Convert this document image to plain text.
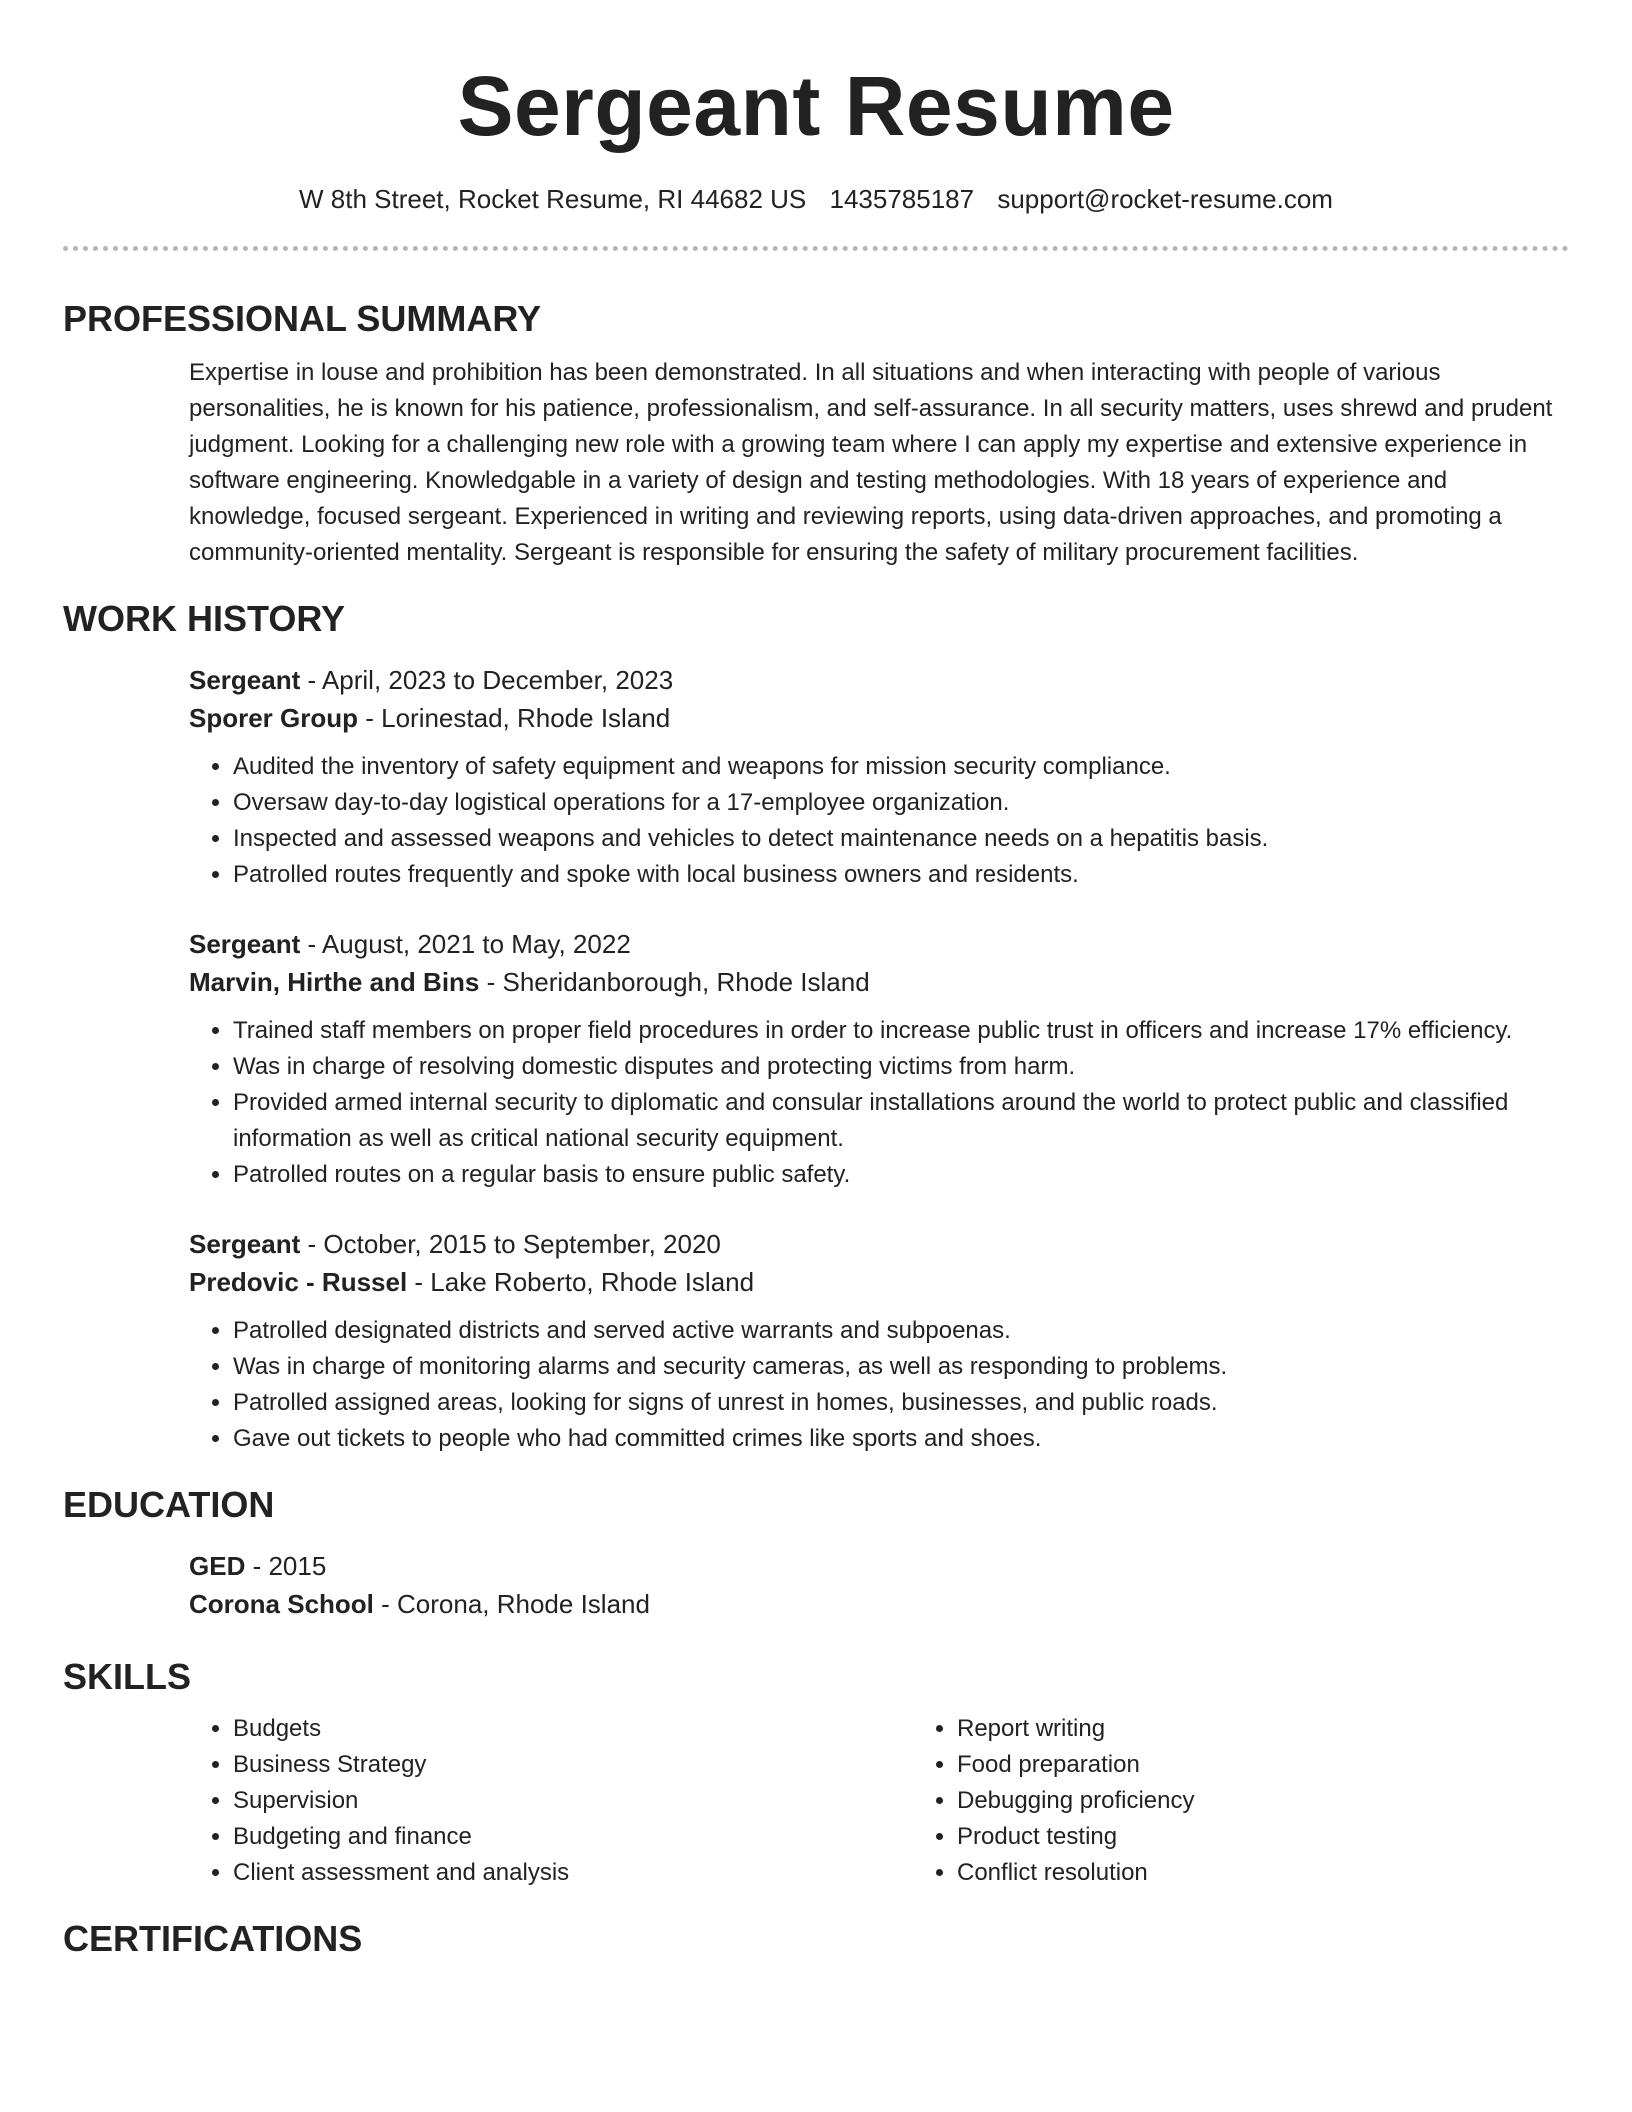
Sergeant Resume
W 8th Street, Rocket Resume, RI 44682 US 1435785187 support@rocket-resume.com
PROFESSIONAL SUMMARY

Expertise in louse and prohibition has been demonstrated. In all situations and when interacting with people of various personalities, he is known for his patience, professionalism, and self-assurance. In all security matters, uses shrewd and prudent judgment. Looking for a challenging new role with a growing team where I can apply my expertise and extensive experience in software engineering. Knowledgable in a variety of design and testing methodologies. With 18 years of experience and knowledge, focused sergeant. Experienced in writing and reviewing reports, using data-driven approaches, and promoting a community-oriented mentality. Sergeant is responsible for ensuring the safety of military procurement facilities.

WORK HISTORY

Sergeant - April, 2023 to December, 2023

Sporer Group - Lorinestad, Rhode Island

• Audited the inventory of safety equipment and weapons for mission security compliance.
• Oversaw day-to-day logistical operations for a 17-employee organization.
• Inspected and assessed weapons and vehicles to detect maintenance needs on a hepatitis basis.
• Patrolled routes frequently and spoke with local business owners and residents.

Sergeant - August, 2021 to May, 2022

Marvin, Hirthe and Bins - Sheridanborough, Rhode Island

• Trained staff members on proper field procedures in order to increase public trust in officers and increase 17% efficiency.
• Was in charge of resolving domestic disputes and protecting victims from harm.
• Provided armed internal security to diplomatic and consular installations around the world to protect public and classified information as well as critical national security equipment.
• Patrolled routes on a regular basis to ensure public safety.

Sergeant - October, 2015 to September, 2020

Predovic - Russel - Lake Roberto, Rhode Island

• Patrolled designated districts and served active warrants and subpoenas.
• Was in charge of monitoring alarms and security cameras, as well as responding to problems.
• Patrolled assigned areas, looking for signs of unrest in homes, businesses, and public roads.
• Gave out tickets to people who had committed crimes like sports and shoes.
EDUCATION

GED - 2015

Corona School - Corona, Rhode Island

SKILLS
• Budgets
• Business Strategy
• Supervision
• Budgeting and finance
• Client assessment and analysis
• Report writing
• Food preparation
• Debugging proficiency
• Product testing
• Conflict resolution
CERTIFICATIONS
